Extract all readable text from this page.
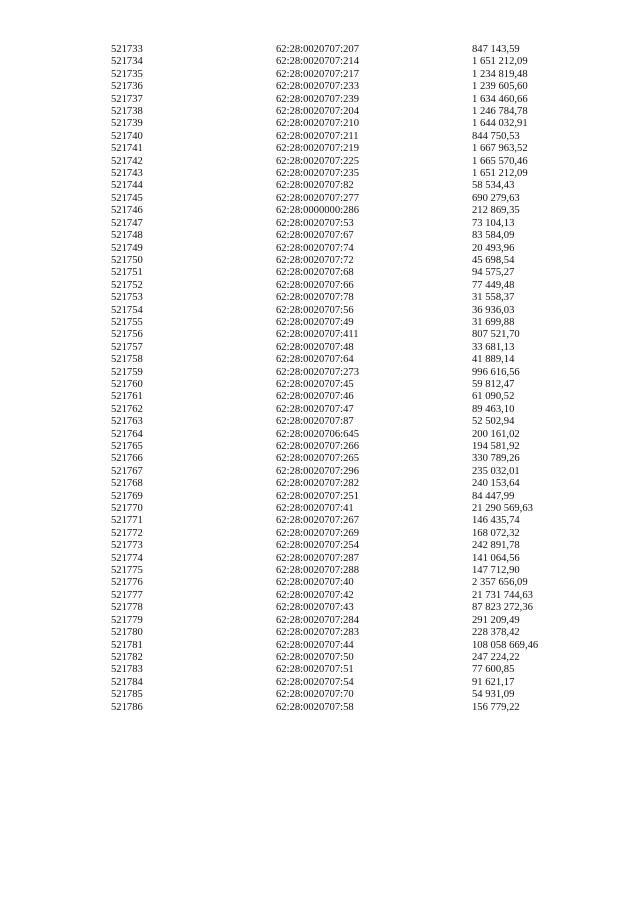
521733	62:28:0020707:207	847 143,59
521734	62:28:0020707:214	1 651 212,09
521735	62:28:0020707:217	1 234 819,48
521736	62:28:0020707:233	1 239 605,60
521737	62:28:0020707:239	1 634 460,66
521738	62:28:0020707:204	1 246 784,78
521739	62:28:0020707:210	1 644 032,91
521740	62:28:0020707:211	844 750,53
521741	62:28:0020707:219	1 667 963,52
521742	62:28:0020707:225	1 665 570,46
521743	62:28:0020707:235	1 651 212,09
521744	62:28:0020707:82	58 534,43
521745	62:28:0020707:277	690 279,63
521746	62:28:0000000:286	212 869,35
521747	62:28:0020707:53	73 104,13
521748	62:28:0020707:67	83 584,09
521749	62:28:0020707:74	20 493,96
521750	62:28:0020707:72	45 698,54
521751	62:28:0020707:68	94 575,27
521752	62:28:0020707:66	77 449,48
521753	62:28:0020707:78	31 558,37
521754	62:28:0020707:56	36 936,03
521755	62:28:0020707:49	31 699,88
521756	62:28:0020707:411	807 521,70
521757	62:28:0020707:48	33 681,13
521758	62:28:0020707:64	41 889,14
521759	62:28:0020707:273	996 616,56
521760	62:28:0020707:45	59 812,47
521761	62:28:0020707:46	61 090,52
521762	62:28:0020707:47	89 463,10
521763	62:28:0020707:87	52 502,94
521764	62:28:0020706:645	200 161,02
521765	62:28:0020707:266	194 581,92
521766	62:28:0020707:265	330 789,26
521767	62:28:0020707:296	235 032,01
521768	62:28:0020707:282	240 153,64
521769	62:28:0020707:251	84 447,99
521770	62:28:0020707:41	21 290 569,63
521771	62:28:0020707:267	146 435,74
521772	62:28:0020707:269	168 072,32
521773	62:28:0020707:254	242 891,78
521774	62:28:0020707:287	141 064,56
521775	62:28:0020707:288	147 712,90
521776	62:28:0020707:40	2 357 656,09
521777	62:28:0020707:42	21 731 744,63
521778	62:28:0020707:43	87 823 272,36
521779	62:28:0020707:284	291 209,49
521780	62:28:0020707:283	228 378,42
521781	62:28:0020707:44	108 058 669,46
521782	62:28:0020707:50	247 224,22
521783	62:28:0020707:51	77 600,85
521784	62:28:0020707:54	91 621,17
521785	62:28:0020707:70	54 931,09
521786	62:28:0020707:58	156 779,22
